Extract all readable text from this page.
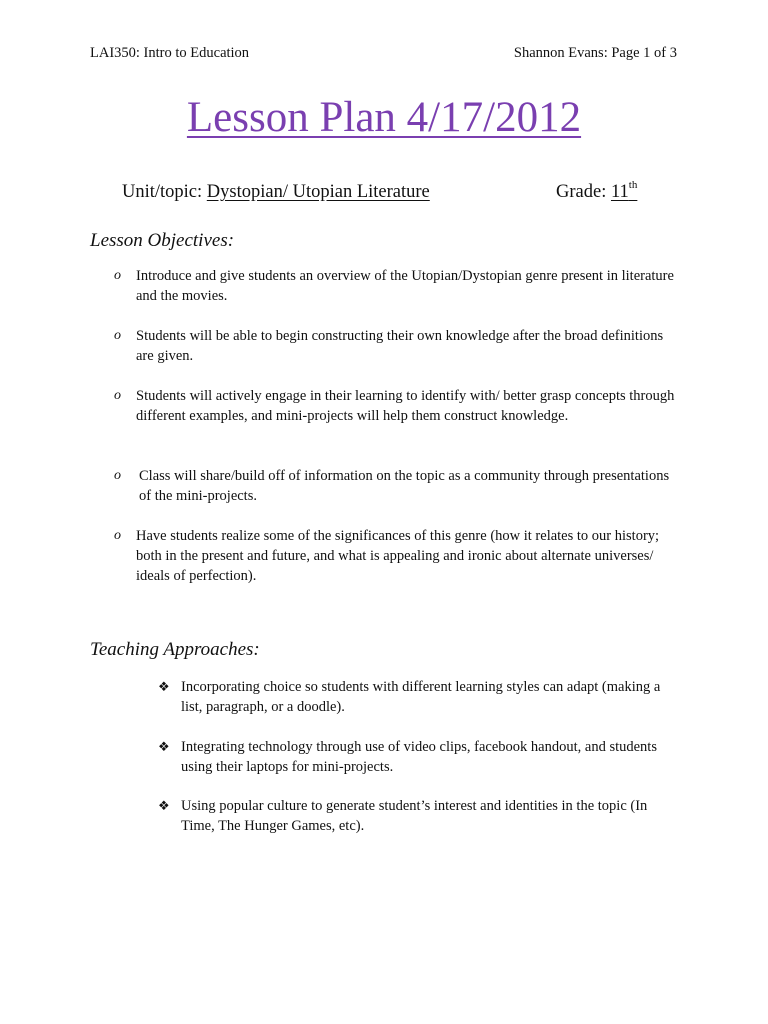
LAI350: Intro to Education	Shannon Evans: Page 1 of 3
Lesson Plan 4/17/2012
Unit/topic: Dystopian/ Utopian Literature	Grade: 11th
Lesson Objectives:
o Introduce and give students an overview of the Utopian/Dystopian genre present in literature and the movies.
o Students will be able to begin constructing their own knowledge after the broad definitions are given.
o Students will actively engage in their learning to identify with/ better grasp concepts through different examples, and mini-projects will help them construct knowledge.
o Class will share/build off of information on the topic as a community through presentations of the mini-projects.
o Have students realize some of the significances of this genre (how it relates to our history; both in the present and future, and what is appealing and ironic about alternate universes/ ideals of perfection).
Teaching Approaches:
❖ Incorporating choice so students with different learning styles can adapt (making a list, paragraph, or a doodle).
❖ Integrating technology through use of video clips, facebook handout, and students using their laptops for mini-projects.
❖ Using popular culture to generate student’s interest and identities in the topic (In Time, The Hunger Games, etc).
